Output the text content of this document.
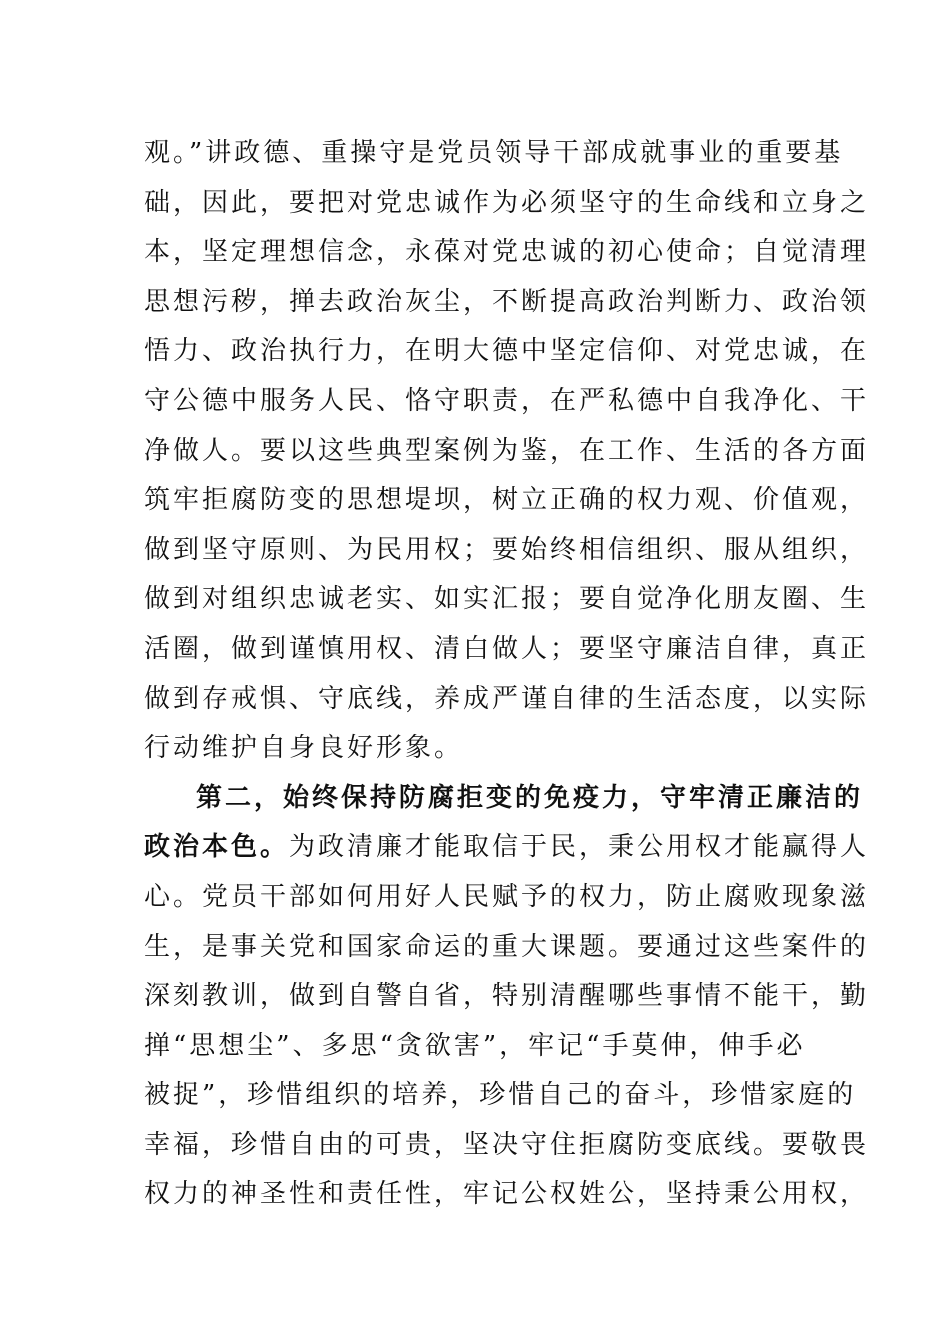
观。”讲政德、重操守是党员领导干部成就事业的重要基
础，因此，要把对党忠诚作为必须坚守的生命线和立身之
本，坚定理想信念，永葆对党忠诚的初心使命；自觉清理
思想污秽，掸去政治灰尘，不断提高政治判断力、政治领
悟力、政治执行力，在明大德中坚定信仰、对党忠诚，在
守公德中服务人民、恪守职责，在严私德中自我净化、干
净做人。要以这些典型案例为鉴，在工作、生活的各方面
筑牢拒腐防变的思想堤坝，树立正确的权力观、价值观，
做到坚守原则、为民用权；要始终相信组织、服从组织，
做到对组织忠诚老实、如实汇报；要自觉净化朋友圈、生
活圈，做到谨慎用权、清白做人；要坚守廉洁自律，真正
做到存戒惧、守底线，养成严谨自律的生活态度，以实际
行动维护自身良好形象。
第二，始终保持防腐拒变的免疫力，守牢清正廉洁的
政治本色。为政清廉才能取信于民，秉公用权才能赢得人
心。党员干部如何用好人民赋予的权力，防止腐败现象滋
生，是事关党和国家命运的重大课题。要通过这些案件的
深刻教训，做到自警自省，特别清醒哪些事情不能干，勤
掸“思想尘”、多思“贪欲害”，牢记“手莫伸，伸手必
被捉”，珍惜组织的培养，珍惜自己的奋斗，珍惜家庭的
幸福，珍惜自由的可贵，坚决守住拒腐防变底线。要敬畏
权力的神圣性和责任性，牢记公权姓公，坚持秉公用权，
